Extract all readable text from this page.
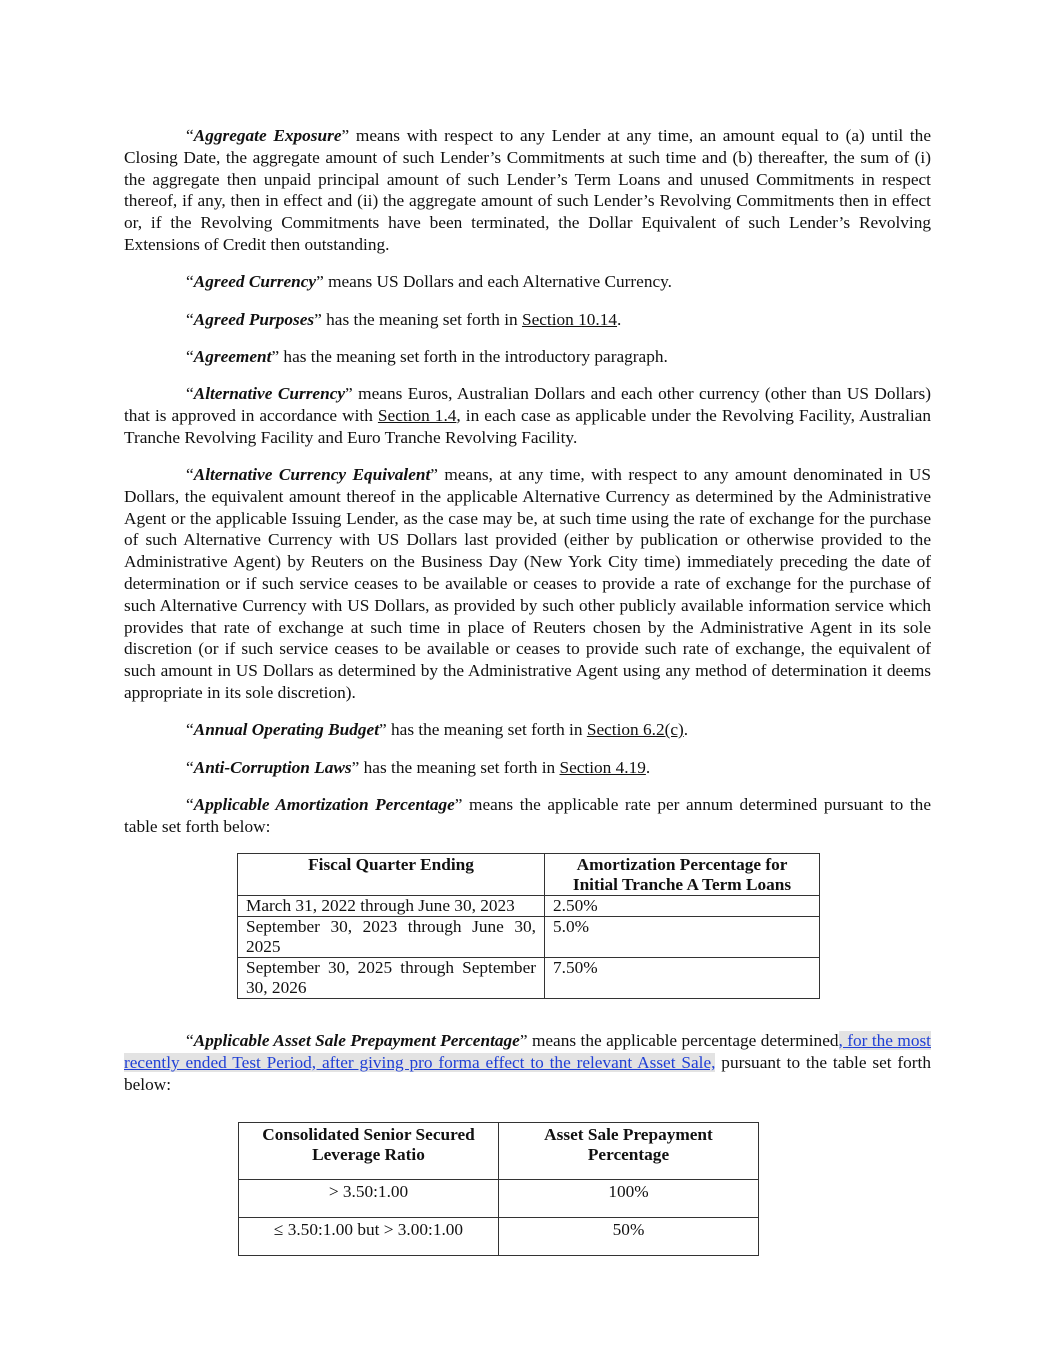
“Aggregate Exposure” means with respect to any Lender at any time, an amount equal to (a) until the Closing Date, the aggregate amount of such Lender’s Commitments at such time and (b) thereafter, the sum of (i) the aggregate then unpaid principal amount of such Lender’s Term Loans and unused Commitments in respect thereof, if any, then in effect and (ii) the aggregate amount of such Lender’s Revolving Commitments then in effect or, if the Revolving Commitments have been terminated, the Dollar Equivalent of such Lender’s Revolving Extensions of Credit then outstanding.

“Agreed Currency” means US Dollars and each Alternative Currency.

“Agreed Purposes” has the meaning set forth in Section 10.14.

“Agreement” has the meaning set forth in the introductory paragraph.

“Alternative Currency” means Euros, Australian Dollars and each other currency (other than US Dollars) that is approved in accordance with Section 1.4, in each case as applicable under the Revolving Facility, Australian Tranche Revolving Facility and Euro Tranche Revolving Facility.

“Alternative Currency Equivalent” means, at any time, with respect to any amount denominated in US Dollars, the equivalent amount thereof in the applicable Alternative Currency as determined by the Administrative Agent or the applicable Issuing Lender, as the case may be, at such time using the rate of exchange for the purchase of such Alternative Currency with US Dollars last provided (either by publication or otherwise provided to the Administrative Agent) by Reuters on the Business Day (New York City time) immediately preceding the date of determination or if such service ceases to be available or ceases to provide a rate of exchange for the purchase of such Alternative Currency with US Dollars, as provided by such other publicly available information service which provides that rate of exchange at such time in place of Reuters chosen by the Administrative Agent in its sole discretion (or if such service ceases to be available or ceases to provide such rate of exchange, the equivalent of such amount in US Dollars as determined by the Administrative Agent using any method of determination it deems appropriate in its sole discretion).

“Annual Operating Budget” has the meaning set forth in Section 6.2(c).

“Anti-Corruption Laws” has the meaning set forth in Section 4.19.

“Applicable Amortization Percentage” means the applicable rate per annum determined pursuant to the table set forth below:

Fiscal Quarter Ending	Amortization Percentage for Initial Tranche A Term Loans
March 31, 2022 through June 30, 2023	2.50%
September 30, 2023 through June 30, 2025	5.0%
September 30, 2025 through September 30, 2026	7.50%

“Applicable Asset Sale Prepayment Percentage” means the applicable percentage determined, for the most recently ended Test Period, after giving pro forma effect to the relevant Asset Sale, pursuant to the table set forth below:

Consolidated Senior Secured Leverage Ratio	Asset Sale Prepayment Percentage
> 3.50:1.00	100%
≤ 3.50:1.00 but > 3.00:1.00	50%
